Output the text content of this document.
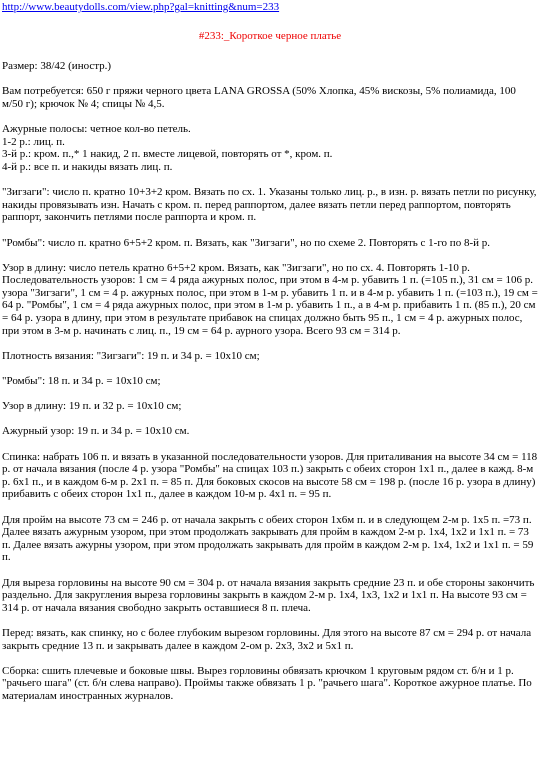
http://www.beautydolls.com/view.php?gal=knitting&num=233
#233:_Короткое черное платье

Размер: 38/42 (иностр.)

Вам потребуется: 650 г пряжи черного цвета LANA GROSSA (50% Хлопка, 45% вискозы, 5% полиамида, 100 м/50 г); крючок № 4; спицы № 4,5.

Ажурные полосы: четное кол-во петель.
1-2 р.: лиц. п.
3-й р.: кром. п.,* 1 накид, 2 п. вместе лицевой, повторять от *, кром. п.
4-й р.: все п. и накиды вязать лиц. п.

"Зигзаги": число п. кратно 10+3+2 кром. Вязать по сх. 1. Указаны только лиц. р., в изн. р. вязать петли по рисунку, накиды провязывать изн. Начать с кром. п. перед раппортом, далее вязать петли перед раппортом, повторять раппорт, закончить петлями после раппорта и кром. п.

"Ромбы": число п. кратно 6+5+2 кром. п. Вязать, как "Зигзаги", но по схеме 2. Повторять с 1-го по 8-й р.

Узор в длину: число петель кратно 6+5+2 кром. Вязать, как "Зигзаги", но по сх. 4. Повторять 1-10 р. Последовательность узоров: 1 см = 4 ряда ажурных полос, при этом в 4-м р. убавить 1 п. (=105 п.), 31 см = 106 р. узора "Зигзаги", 1 см = 4 р. ажурных полос, при этом в 1-м р. убавить 1 п. и в 4-м р. убавить 1 п. (=103 п.), 19 см = 64 р. "Ромбы", 1 см = 4 ряда ажурных полос, при этом в 1-м р. убавить 1 п., а в 4-м р. прибавить 1 п. (85 п.), 20 см = 64 р. узора в длину, при этом в результате прибавок на спицах должно быть 95 п., 1 см = 4 р. ажурных полос, при этом в 3-м р. начинать с лиц. п., 19 см = 64 р. аурного узора. Всего 93 см = 314 р.

Плотность вязания: "Зигзаги": 19 п. и 34 р. = 10x10 см;

"Ромбы": 18 п. и 34 р. = 10x10 см;

Узор в длину: 19 п. и 32 р. = 10x10 см;

Ажурный узор: 19 п. и 34 р. = 10x10 см.

Спинка: набрать 106 п. и вязать в указанной последовательности узоров. Для приталивания на высоте 34 см = 118 р. от начала вязания (после 4 р. узора "Ромбы" на спицах 103 п.) закрыть с обеих сторон 1x1 п., далее в кажд. 8-м р. 6x1 п., и в каждом 6-м р. 2x1 п. = 85 п. Для боковых скосов на высоте 58 см = 198 р. (после 16 р. узора в длину) прибавить с обеих сторон 1x1 п., далее в каждом 10-м р. 4x1 п. = 95 п.

Для пройм на высоте 73 см = 246 р. от начала закрыть с обеих сторон 1x6м п. и в следующем 2-м р. 1x5 п. =73 п. Далее вязать ажурным узором, при этом продолжать закрывать для пройм в каждом 2-м р. 1x4, 1x2 и 1x1 п. = 73 п. Далее вязать ажурны узором, при этом продолжать закрывать для пройм в каждом 2-м р. 1x4, 1x2 и 1x1 п. = 59 п.

Для выреза горловины на высоте 90 см = 304 р. от начала вязания закрыть средние 23 п. и обе стороны закончить раздельно. Для закругления выреза горловины закрыть в каждом 2-м р. 1x4, 1x3, 1x2 и 1x1 п. На высоте 93 см = 314 р. от начала вязания свободно закрыть оставшиеся 8 п. плеча.

Перед: вязать, как спинку, но с более глубоким вырезом горловины. Для этого на высоте 87 см = 294 р. от начала закрыть средние 13 п. и закрывать далее в каждом 2-ом р. 2x3, 3x2 и 5x1 п.

Сборка: сшить плечевые и боковые швы. Вырез горловины обвязать крючком 1 круговым рядом ст. б/н и 1 р. "рачьего шага" (ст. б/н слева направо). Проймы также обвязать 1 р. "рачьего шага". Короткое ажурное платье. По материалам иностранных журналов.
